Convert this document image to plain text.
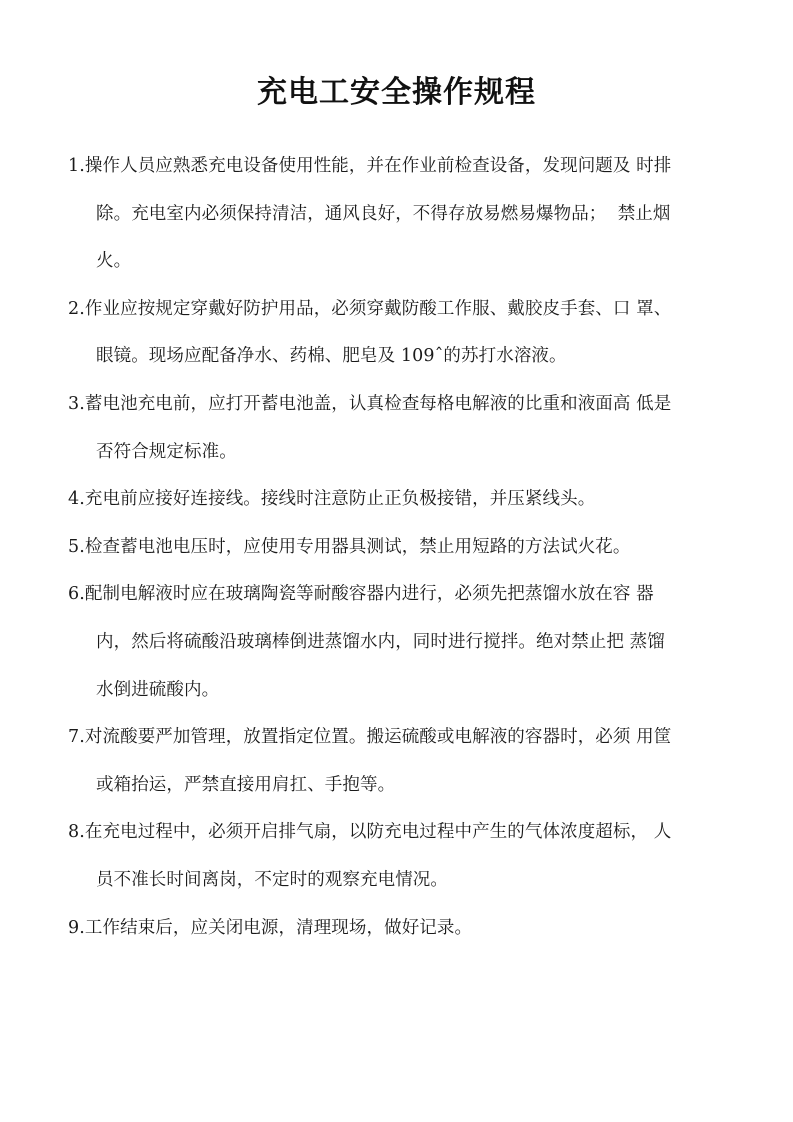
充电工安全操作规程
1.操作人员应熟悉充电设备使用性能，并在作业前检查设备，发现问题及 时排
除。充电室内必须保持清洁，通风良好，不得存放易燃易爆物品；  禁止烟
火。
2.作业应按规定穿戴好防护用品，必须穿戴防酸工作服、戴胶皮手套、口 罩、
眼镜。现场应配备净水、药棉、肥皂及 109ˆ的苏打水溶液。
3.蓄电池充电前，应打开蓄电池盖，认真检查每格电解液的比重和液面高 低是
否符合规定标准。
4.充电前应接好连接线。接线时注意防止正负极接错，并压紧线头。
5.检查蓄电池电压时，应使用专用器具测试，禁止用短路的方法试火花。
6.配制电解液时应在玻璃陶瓷等耐酸容器内进行，必须先把蒸馏水放在容 器
内，然后将硫酸沿玻璃棒倒进蒸馏水内，同时进行搅拌。绝对禁止把 蒸馏
水倒进硫酸内。
7.对流酸要严加管理，放置指定位置。搬运硫酸或电解液的容器时，必须 用筐
或箱抬运，严禁直接用肩扛、手抱等。
8.在充电过程中，必须开启排气扇，以防充电过程中产生的气体浓度超标， 人
员不准长时间离岗，不定时的观察充电情况。
9.工作结束后，应关闭电源，清理现场，做好记录。
